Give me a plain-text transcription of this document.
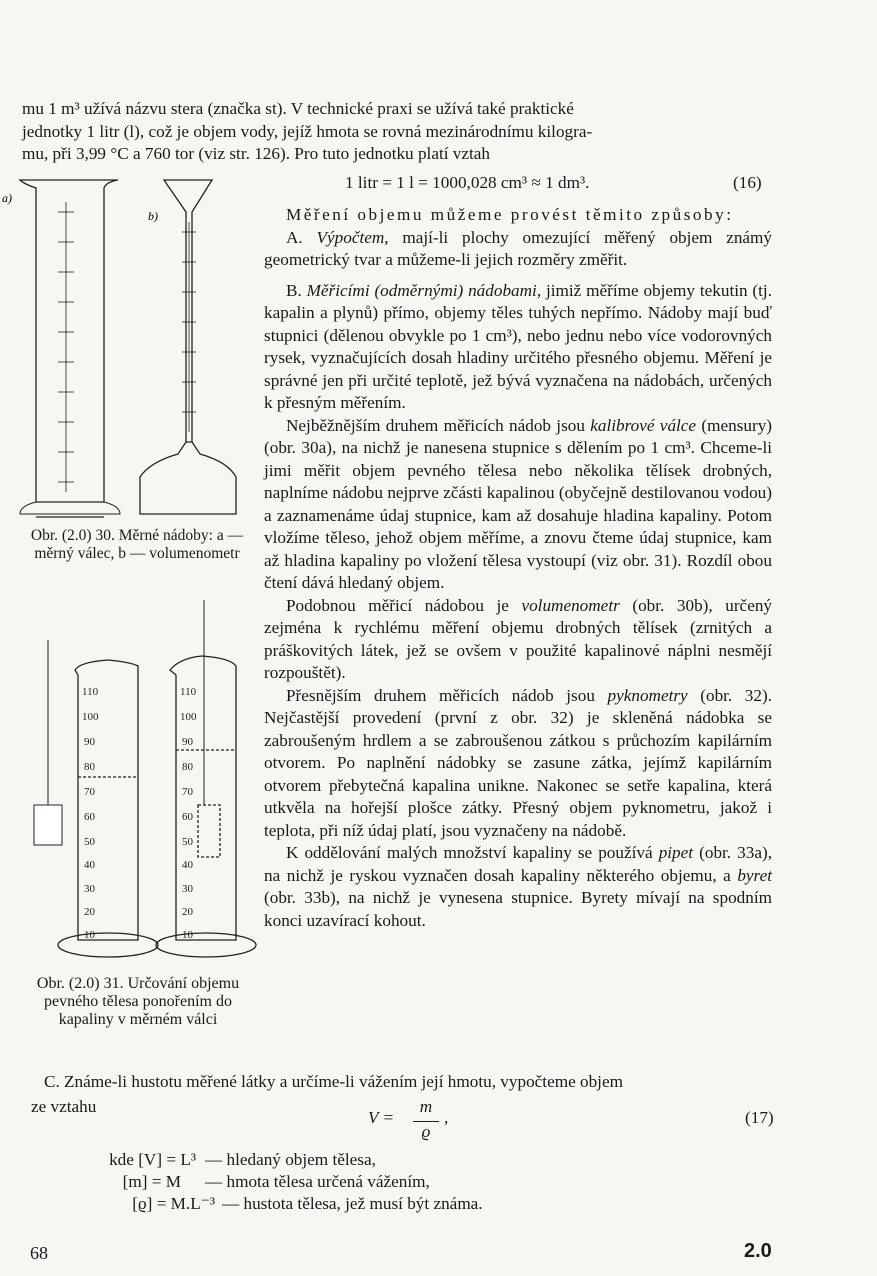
mu 1 m³ užívá názvu stera (značka st). V technické praxi se užívá také praktické
jednotky 1 litr (l), což je objem vody, jejíž hmota se rovná mezinárodnímu kilogra-
mu, při 3,99 °C a 760 tor (viz str. 126). Pro tuto jednotku platí vztah
1 litr = 1 l = 1000,028 cm³ ≈ 1 dm³.	(16)
Měření objemu můžeme provést těmito způsoby:
A. Výpočtem, mají-li plochy omezující měřený objem známý geometrický tvar a můžeme-li jejich rozměry změřit.
B. Měřicími (odměrnými) nádobami, jimiž měříme objemy tekutin (tj. kapalin a plynů) přímo, objemy těles tuhých nepřímo. Nádoby mají buď stupnici (dělenou obvykle po 1 cm³), nebo jednu nebo více vodorovných rysek, vyznačujících dosah hladiny určitého přesného objemu. Měření je správné jen při určité teplotě, jež bývá vyznačena na nádobách, určených k přesným měřením.
Nejběžnějším druhem měřicích nádob jsou kalibrové válce (mensury) (obr. 30a), na nichž je nanesena stupnice s dělením po 1 cm³. Chceme-li jimi měřit objem pevného tělesa nebo několika tělísek drobných, naplníme nádobu nejprve zčásti kapalinou (obyčejně destilovanou vodou) a zaznamenáme údaj stupnice, kam až dosahuje hladina kapaliny. Potom vložíme těleso, jehož objem měříme, a znovu čteme údaj stupnice, kam až hladina kapaliny po vložení tělesa vystoupí (viz obr. 31). Rozdíl obou čtení dává hledaný objem.
Podobnou měřicí nádobou je volumenometr (obr. 30b), určený zejména k rychlému měření objemu drobných tělísek (zrnitých a práškovitých látek, jež se ovšem v použité kapalinové náplni nesmějí rozpouštět).
Přesnějším druhem měřicích nádob jsou pyknometry (obr. 32). Nejčastější provedení (první z obr. 32) je skleněná nádobka se zabroušeným hrdlem a se zabroušenou zátkou s průchozím kapilárním otvorem. Po naplnění nádobky se zasune zátka, jejímž kapilárním otvorem přebytečná kapalina unikne. Nakonec se setře kapalina, která utkvěla na hořejší plošce zátky. Přesný objem pyknometru, jakož i teplota, při níž údaj platí, jsou vyznačeny na nádobě.
K oddělování malých množství kapaliny se používá pipet (obr. 33a), na nichž je ryskou vyznačen dosah kapaliny některého objemu, a byret (obr. 33b), na nichž je vynesena stupnice. Byrety mívají na spodním konci uzavírací kohout.
C. Známe-li hustotu měřené látky a určíme-li vážením její hmotu, vypočteme objem
ze vztahu
V =
m
ϱ
,	(17)
kde [V] = L³ — hledaný objem tělesa,
[m] = M — hmota tělesa určená vážením,
[ϱ] = M.L⁻³ — hustota tělesa, jež musí být známa.
68	2.0
a)
b)
Obr. (2.0) 30. Měrné nádoby: a — měrný válec, b — volumenometr
110
100
90
80
70
60
50
40
30
20
10
110
100
90
80
70
60
50
40
30
20
10
Obr. (2.0) 31. Určování objemu pevného tělesa ponořením do kapaliny v měrném válci
